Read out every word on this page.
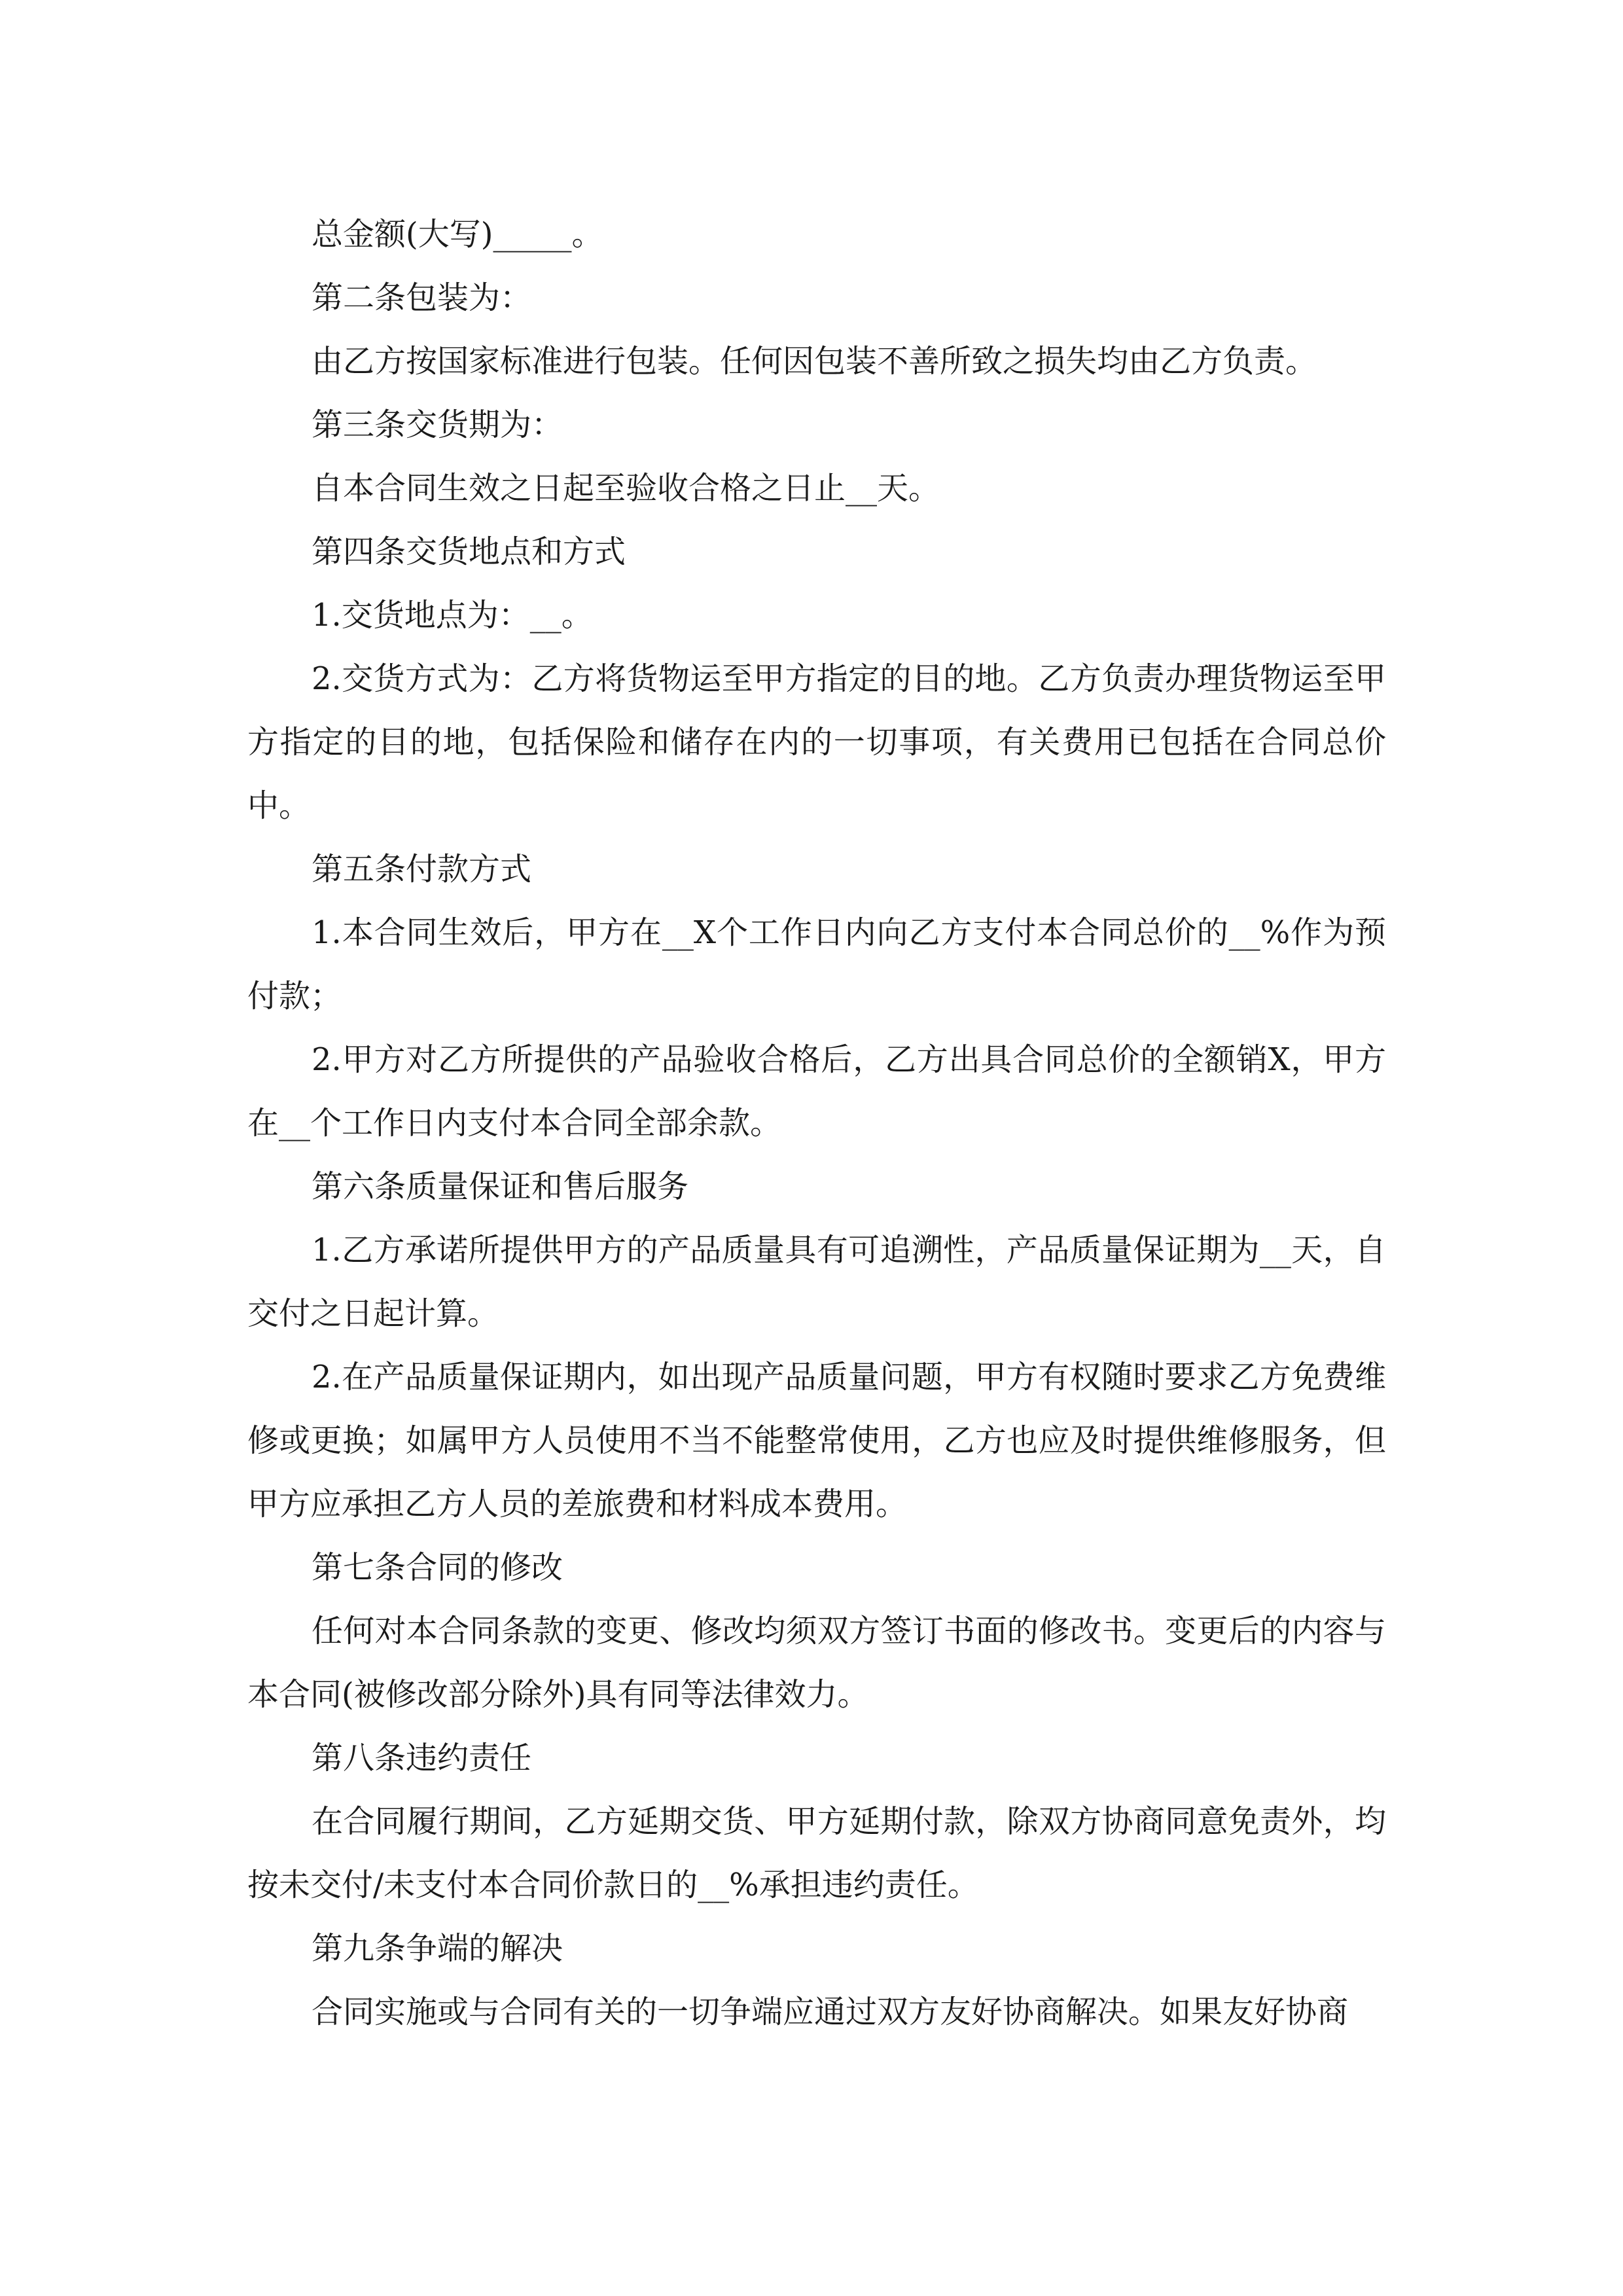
总金额(大写)_____。

第二条包装为：

由乙方按国家标准进行包装。任何因包装不善所致之损失均由乙方负责。

第三条交货期为：

自本合同生效之日起至验收合格之日止__天。

第四条交货地点和方式

1.交货地点为：__。

2.交货方式为：乙方将货物运至甲方指定的目的地。乙方负责办理货物运至甲方指定的目的地，包括保险和储存在内的一切事项，有关费用已包括在合同总价中。

第五条付款方式

1.本合同生效后，甲方在__X个工作日内向乙方支付本合同总价的__%作为预付款；

2.甲方对乙方所提供的产品验收合格后，乙方出具合同总价的全额销X，甲方在__个工作日内支付本合同全部余款。

第六条质量保证和售后服务

1.乙方承诺所提供甲方的产品质量具有可追溯性，产品质量保证期为__天，自交付之日起计算。

2.在产品质量保证期内，如出现产品质量问题，甲方有权随时要求乙方免费维修或更换；如属甲方人员使用不当不能整常使用，乙方也应及时提供维修服务，但甲方应承担乙方人员的差旅费和材料成本费用。

第七条合同的修改

任何对本合同条款的变更、修改均须双方签订书面的修改书。变更后的内容与本合同(被修改部分除外)具有同等法律效力。

第八条违约责任

在合同履行期间，乙方延期交货、甲方延期付款，除双方协商同意免责外，均按未交付/未支付本合同价款日的__%承担违约责任。

第九条争端的解决

合同实施或与合同有关的一切争端应通过双方友好协商解决。如果友好协商
